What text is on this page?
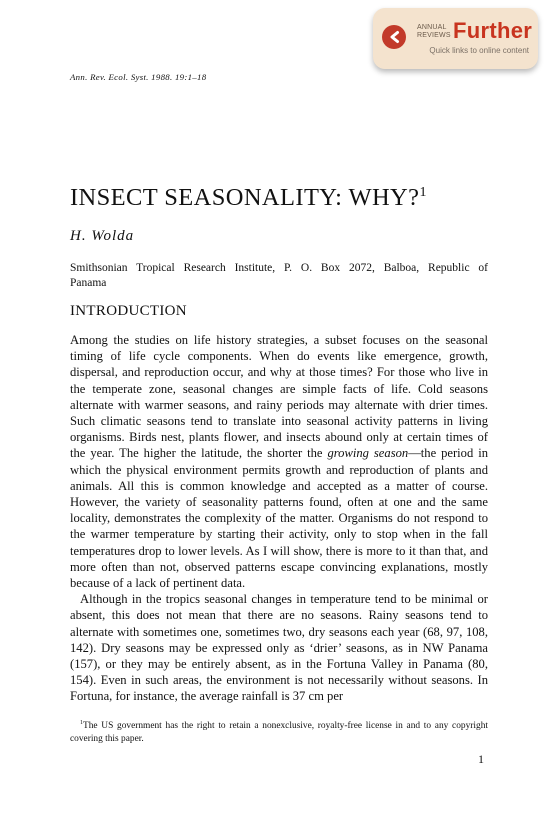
ANNUAL
REVIEWS Further
Quick links to online content
Ann. Rev. Ecol. Syst. 1988. 19:1–18
INSECT SEASONALITY: WHY?$^1$
H. Wolda
Smithsonian Tropical Research Institute, P. O. Box 2072, Balboa, Republic of
Panama
INTRODUCTION

Among the studies on life history strategies, a subset focuses on the seasonal timing of life cycle components. When do events like emergence, growth, dispersal, and reproduction occur, and why at those times? For those who live in the temperate zone, seasonal changes are simple facts of life. Cold seasons alternate with warmer seasons, and rainy periods may alternate with drier times. Such climatic seasons tend to translate into seasonal activity patterns in living organisms. Birds nest, plants flower, and insects abound only at certain times of the year. The higher the latitude, the shorter the growing season—the period in which the physical environment permits growth and reproduction of plants and animals. All this is common knowledge and accepted as a matter of course. However, the variety of seasonality patterns found, often at one and the same locality, demonstrates the complexity of the matter. Organisms do not respond to the warmer temperature by starting their activity, only to stop when in the fall temperatures drop to lower levels. As I will show, there is more to it than that, and more often than not, observed patterns escape convincing explanations, mostly because of a lack of pertinent data.

Although in the tropics seasonal changes in temperature tend to be minimal or absent, this does not mean that there are no seasons. Rainy seasons tend to alternate with sometimes one, sometimes two, dry seasons each year (68, 97, 108, 142). Dry seasons may be expressed only as ‘drier’ seasons, as in NW Panama (157), or they may be entirely absent, as in the Fortuna Valley in Panama (80, 154). Even in such areas, the environment is not necessarily without seasons. In Fortuna, for instance, the average rainfall is 37 cm per

$^1$The US government has the right to retain a nonexclusive, royalty-free license in and to any copyright covering this paper.

1
